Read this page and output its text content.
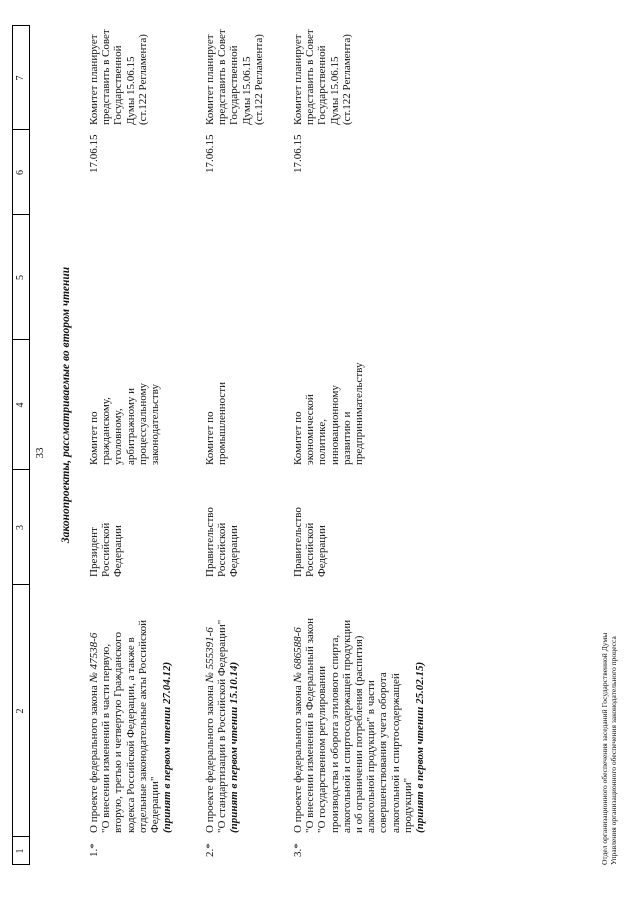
1
2
3
4
5
6
7
33 Законопроекты, рассматриваемые во втором чтении
1.*
О проекте федерального закона № 47538-6 "О внесении изменений в части первую, вторую, третью и четвертую Гражданского кодекса Российской Федерации, а также в отдельные законодательные акты Российской Федерации" (принят в первом чтении 27.04.12)
Президент Российской Федерации
Комитет по гражданскому, уголовному, арбитражному и процессуальному законодательству
17.06.15
Комитет планирует представить в Совет Государственной Думы 15.06.15 (ст.122 Регламента)
2.*
О проекте федерального закона № 555391-6 "О стандартизации в Российской Федерации" (принят в первом чтении 15.10.14)
Правительство Российской Федерации
Комитет по промышленности
17.06.15
Комитет планирует представить в Совет Государственной Думы 15.06.15 (ст.122 Регламента)
3.*
О проекте федерального закона № 686588-6 "О внесении изменений в Федеральный закон "О государственном регулировании производства и оборота этилового спирта, алкогольной и спиртосодержащей продукции и об ограничении потребления (распития) алкогольной продукции" в части совершенствования учета оборота алкогольной и спиртосодержащей продукции" (принят в первом чтении 25.02.15)
Правительство Российской Федерации
Комитет по экономической политике, инновационному развитию и предпринимательству
17.06.15
Комитет планирует представить в Совет Государственной Думы 15.06.15 (ст.122 Регламента)
Отдел организационного обеспечения заседаний Государственной Думы Управления организационного обеспечения законодательного процесса
